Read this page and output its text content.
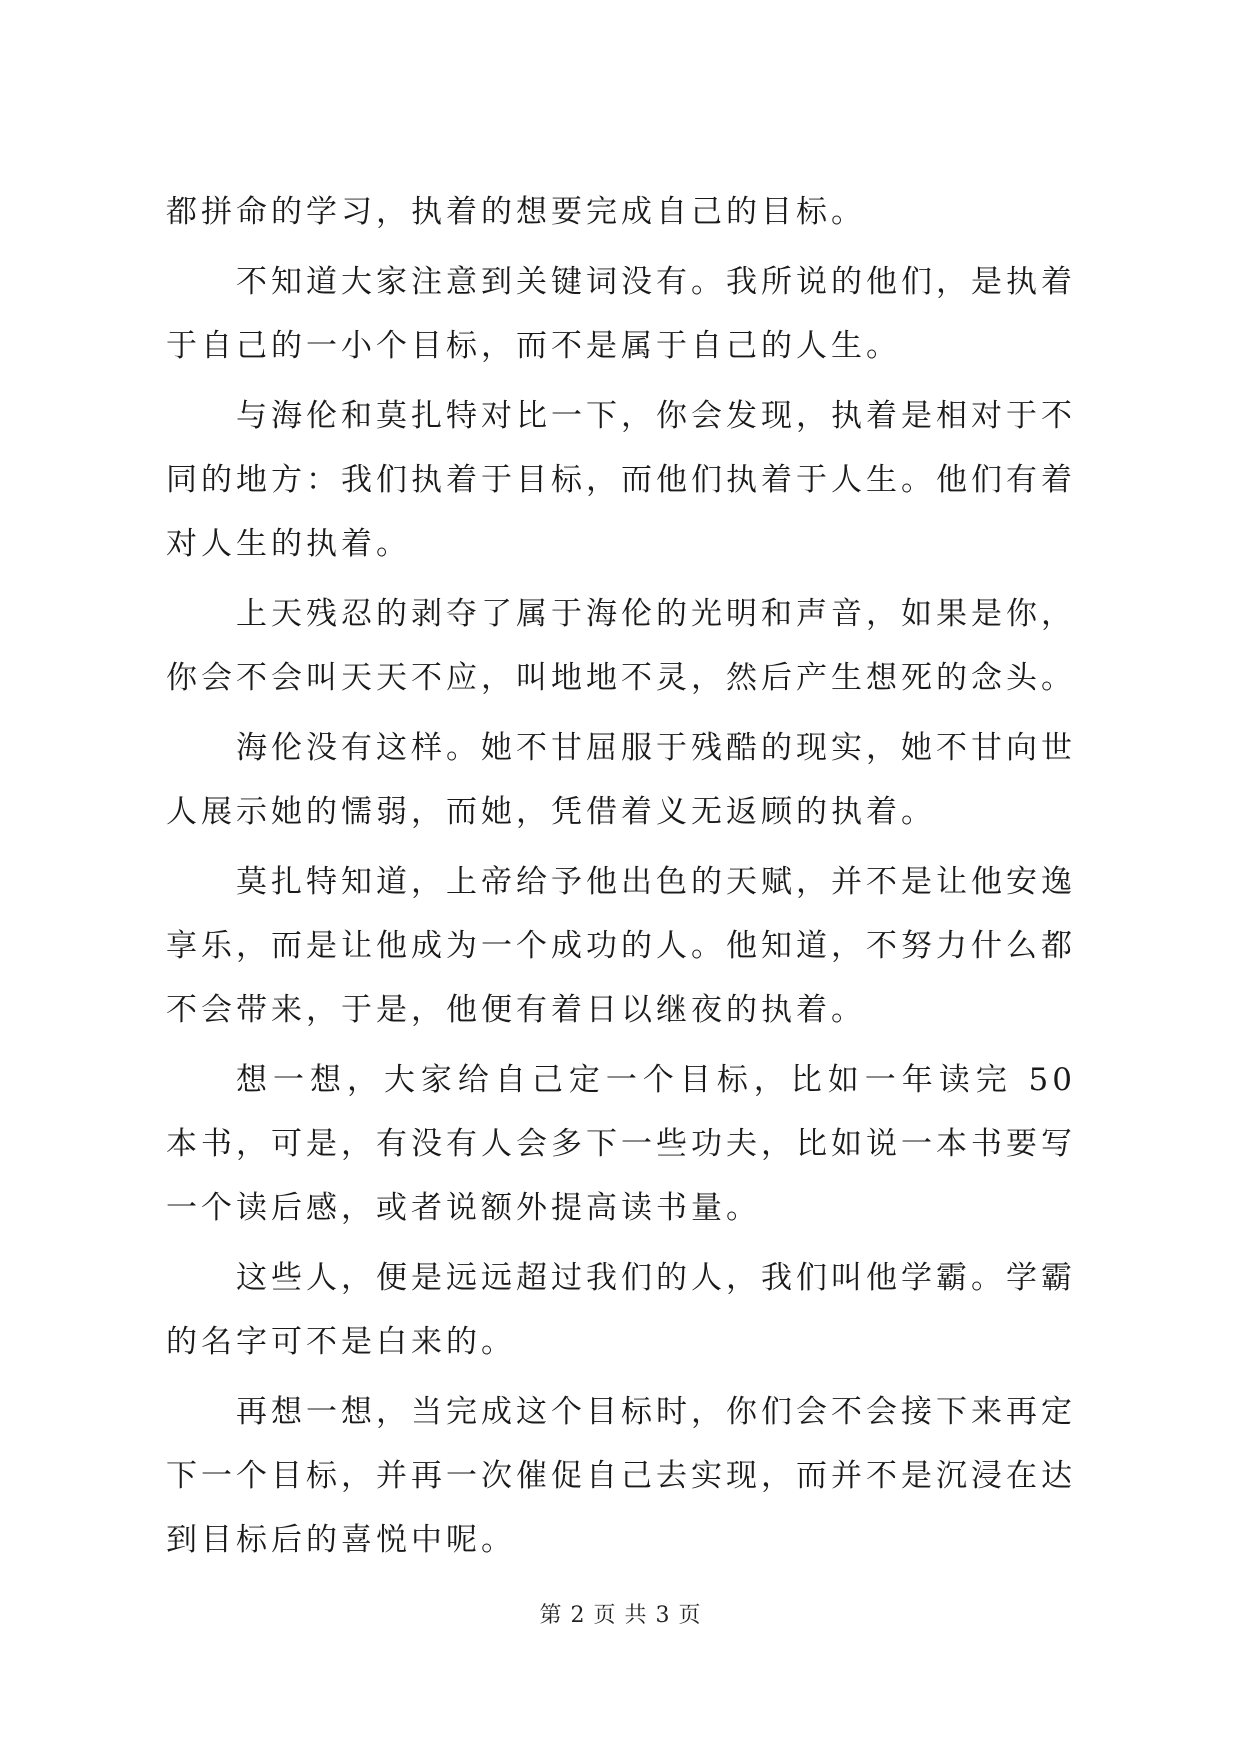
都拼命的学习，执着的想要完成自己的目标。

不知道大家注意到关键词没有。我所说的他们，是执着于自己的一小个目标，而不是属于自己的人生。

与海伦和莫扎特对比一下，你会发现，执着是相对于不同的地方：我们执着于目标，而他们执着于人生。他们有着对人生的执着。

上天残忍的剥夺了属于海伦的光明和声音，如果是你，你会不会叫天天不应，叫地地不灵，然后产生想死的念头。

海伦没有这样。她不甘屈服于残酷的现实，她不甘向世人展示她的懦弱，而她，凭借着义无返顾的执着。

莫扎特知道，上帝给予他出色的天赋，并不是让他安逸享乐，而是让他成为一个成功的人。他知道，不努力什么都不会带来，于是，他便有着日以继夜的执着。

想一想，大家给自己定一个目标，比如一年读完 50 本书，可是，有没有人会多下一些功夫，比如说一本书要写一个读后感，或者说额外提高读书量。

这些人，便是远远超过我们的人，我们叫他学霸。学霸的名字可不是白来的。

再想一想，当完成这个目标时，你们会不会接下来再定下一个目标，并再一次催促自己去实现，而并不是沉浸在达到目标后的喜悦中呢。

第 2 页 共 3 页
